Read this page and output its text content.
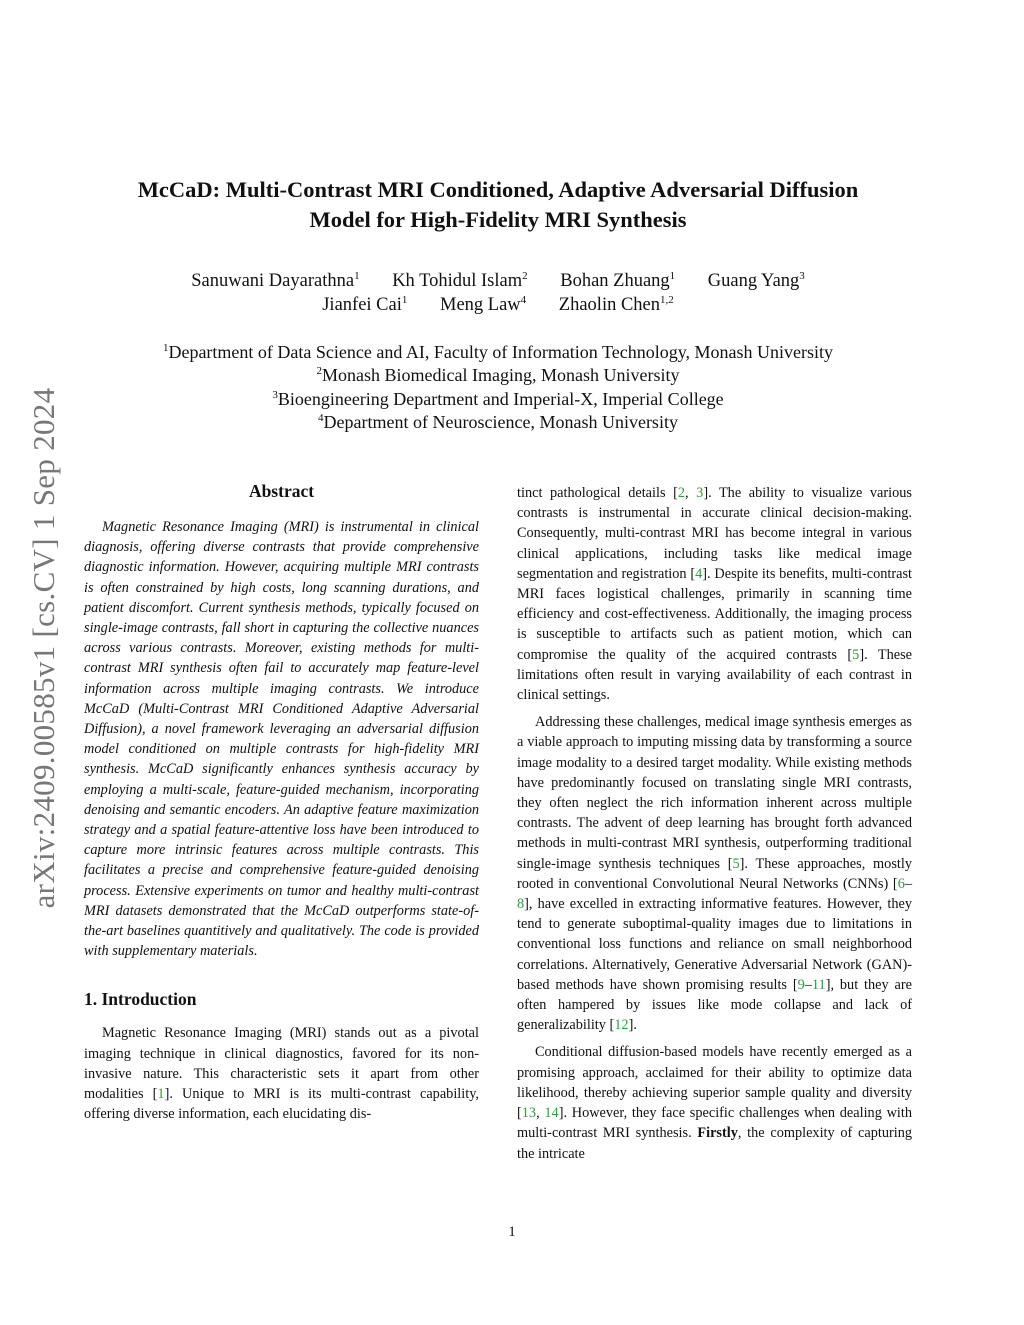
arXiv:2409.00585v1 [cs.CV] 1 Sep 2024
McCaD: Multi-Contrast MRI Conditioned, Adaptive Adversarial Diffusion
Model for High-Fidelity MRI Synthesis
Sanuwani Dayarathna$^1$ Kh Tohidul Islam$^2$ Bohan Zhuang$^1$ Guang Yang$^3$
Jianfei Cai$^1$ Meng Law$^4$ Zhaolin Chen$^{1,2}$
$^1$Department of Data Science and AI, Faculty of Information Technology, Monash University
$^2$Monash Biomedical Imaging, Monash University
$^3$Bioengineering Department and Imperial-X, Imperial College
$^4$Department of Neuroscience, Monash University
Abstract

Magnetic Resonance Imaging (MRI) is instrumental in clinical diagnosis, offering diverse contrasts that provide comprehensive diagnostic information. However, acquiring multiple MRI contrasts is often constrained by high costs, long scanning durations, and patient discomfort. Current synthesis methods, typically focused on single-image contrasts, fall short in capturing the collective nuances across various contrasts. Moreover, existing methods for multi-contrast MRI synthesis often fail to accurately map feature-level information across multiple imaging contrasts. We introduce McCaD (Multi-Contrast MRI Conditioned Adaptive Adversarial Diffusion), a novel framework leveraging an adversarial diffusion model conditioned on multiple contrasts for high-fidelity MRI synthesis. McCaD significantly enhances synthesis accuracy by employing a multi-scale, feature-guided mechanism, incorporating denoising and semantic encoders. An adaptive feature maximization strategy and a spatial feature-attentive loss have been introduced to capture more intrinsic features across multiple contrasts. This facilitates a precise and comprehensive feature-guided denoising process. Extensive experiments on tumor and healthy multi-contrast MRI datasets demonstrated that the McCaD outperforms state-of-the-art baselines quantitively and qualitatively. The code is provided with supplementary materials.

1. Introduction

Magnetic Resonance Imaging (MRI) stands out as a pivotal imaging technique in clinical diagnostics, favored for its non-invasive nature. This characteristic sets it apart from other modalities [1]. Unique to MRI is its multi-contrast capability, offering diverse information, each elucidating dis-

tinct pathological details [2, 3]. The ability to visualize various contrasts is instrumental in accurate clinical decision-making. Consequently, multi-contrast MRI has become integral in various clinical applications, including tasks like medical image segmentation and registration [4]. Despite its benefits, multi-contrast MRI faces logistical challenges, primarily in scanning time efficiency and cost-effectiveness. Additionally, the imaging process is susceptible to artifacts such as patient motion, which can compromise the quality of the acquired contrasts [5]. These limitations often result in varying availability of each contrast in clinical settings.

Addressing these challenges, medical image synthesis emerges as a viable approach to imputing missing data by transforming a source image modality to a desired target modality. While existing methods have predominantly focused on translating single MRI contrasts, they often neglect the rich information inherent across multiple contrasts. The advent of deep learning has brought forth advanced methods in multi-contrast MRI synthesis, outperforming traditional single-image synthesis techniques [5]. These approaches, mostly rooted in conventional Convolutional Neural Networks (CNNs) [6–8], have excelled in extracting informative features. However, they tend to generate suboptimal-quality images due to limitations in conventional loss functions and reliance on small neighborhood correlations. Alternatively, Generative Adversarial Network (GAN)-based methods have shown promising results [9–11], but they are often hampered by issues like mode collapse and lack of generalizability [12].

Conditional diffusion-based models have recently emerged as a promising approach, acclaimed for their ability to optimize data likelihood, thereby achieving superior sample quality and diversity [13, 14]. However, they face specific challenges when dealing with multi-contrast MRI synthesis. Firstly, the complexity of capturing the intricate

1
